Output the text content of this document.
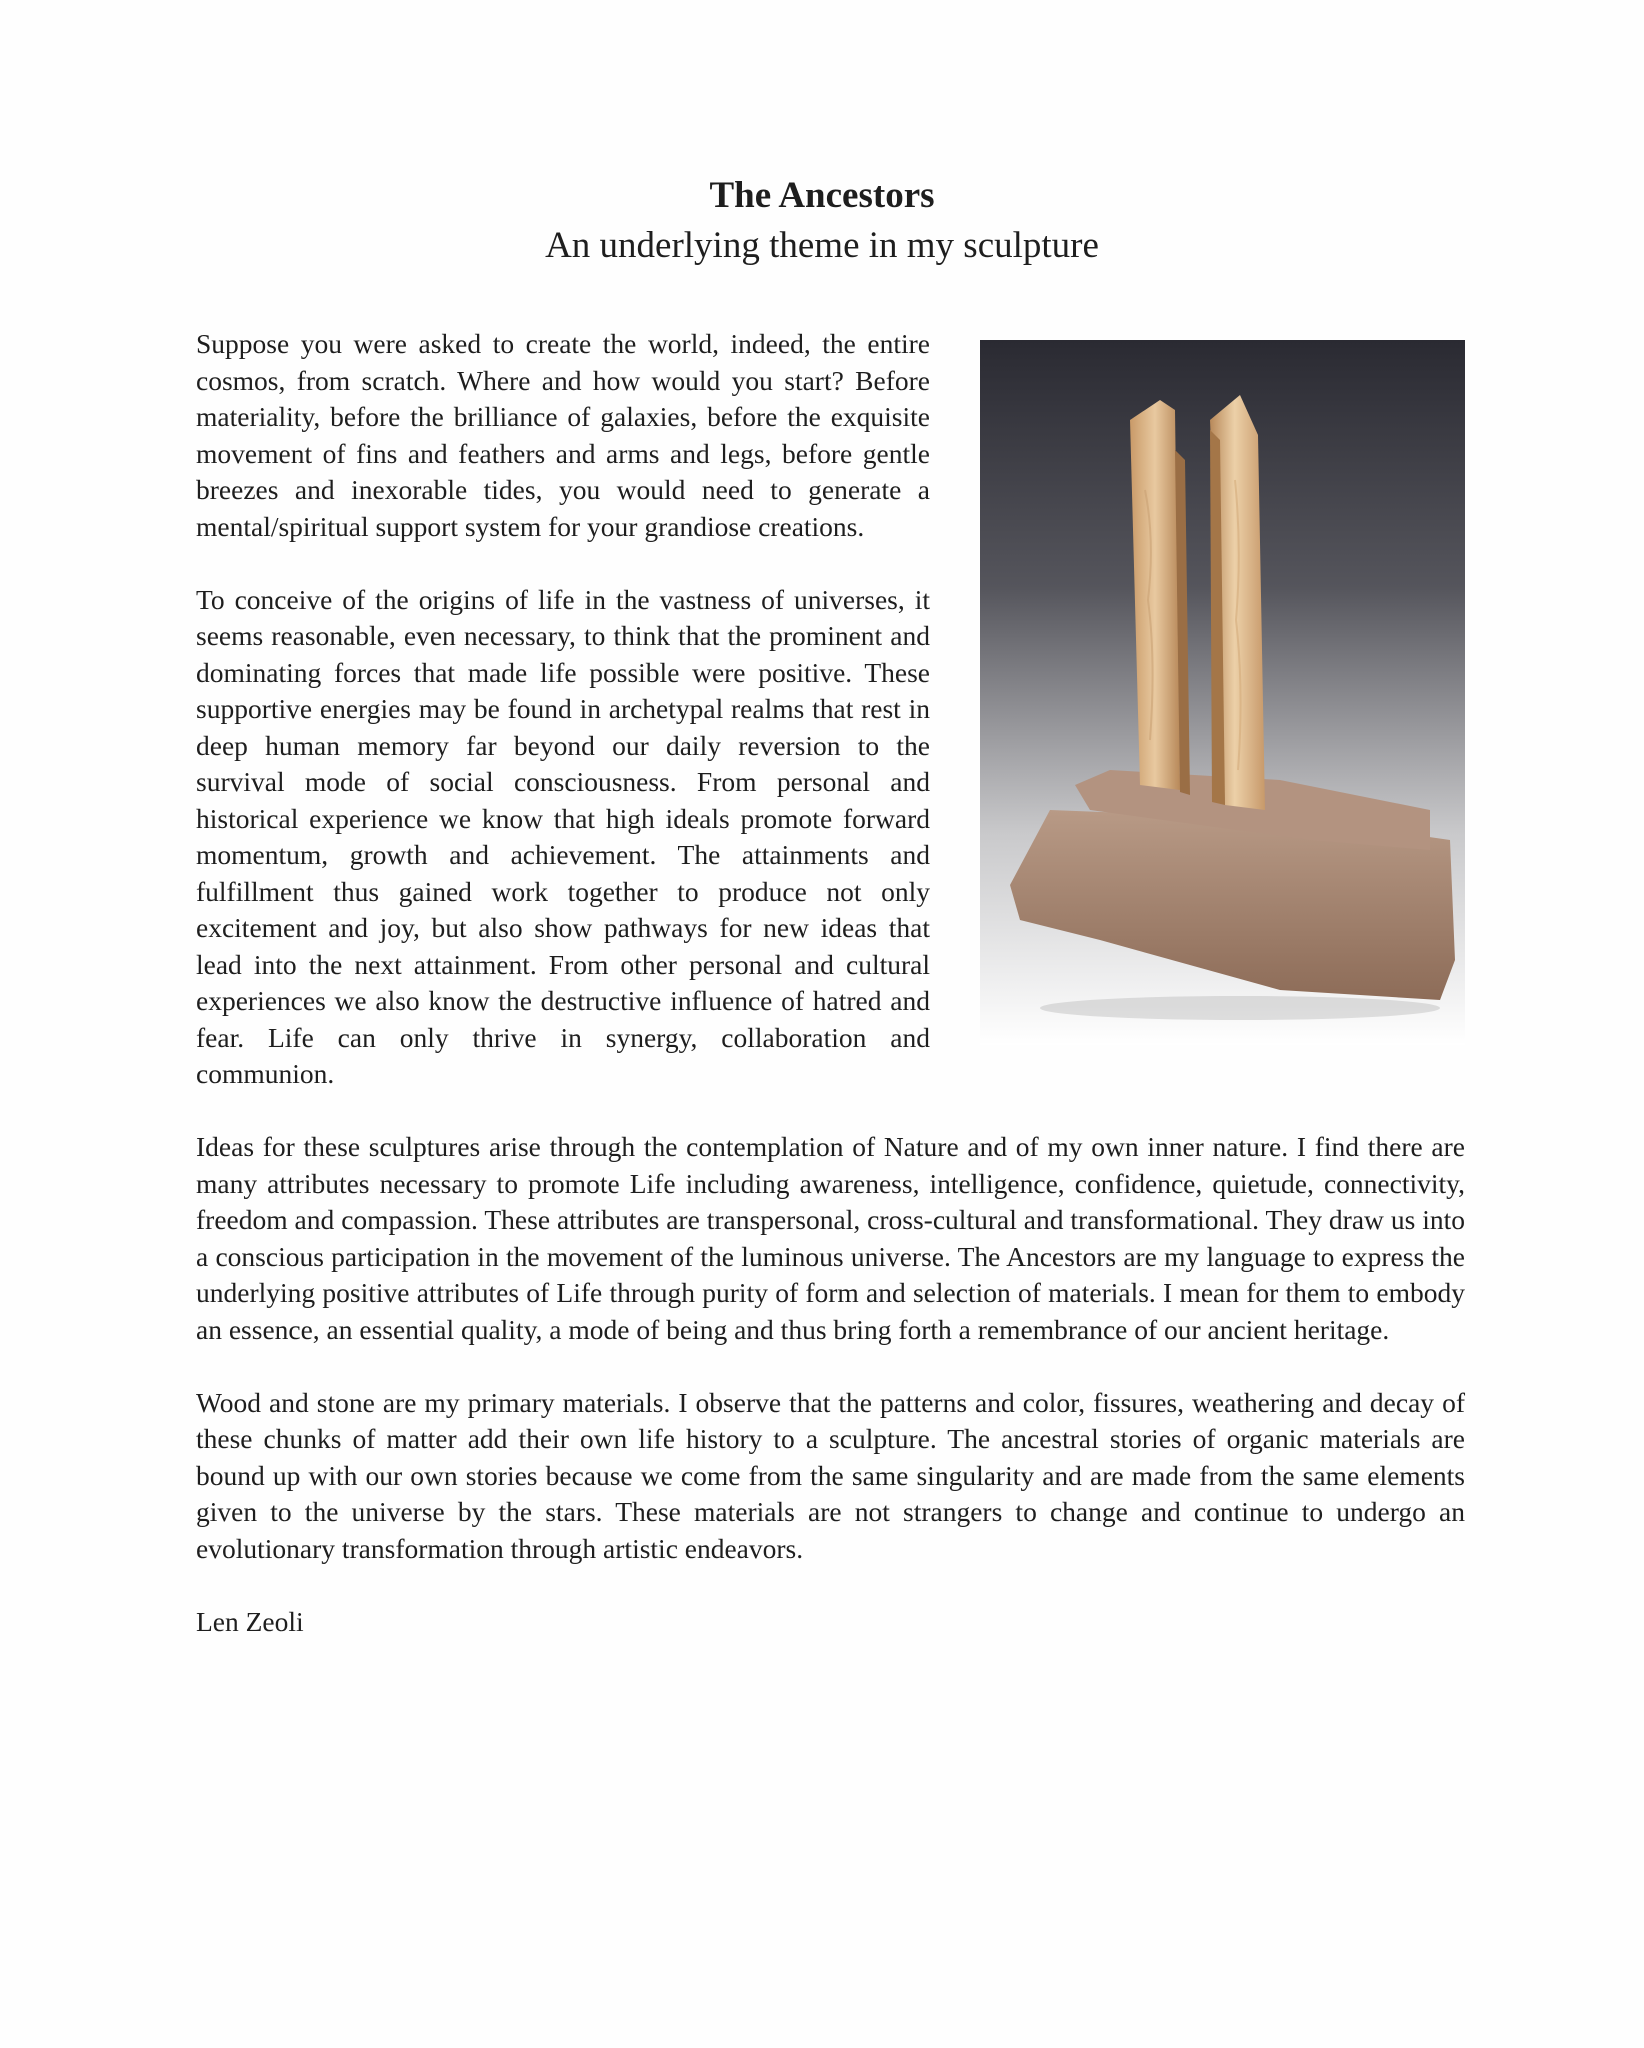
The Ancestors
An underlying theme in my sculpture

Suppose you were asked to create the world, indeed, the entire cosmos, from scratch. Where and how would you start? Before materiality, before the brilliance of galaxies, before the exquisite movement of fins and feathers and arms and legs, before gentle breezes and inexorable tides, you would need to generate a mental/spiritual support system for your grandiose creations.

To conceive of the origins of life in the vastness of universes, it seems reasonable, even necessary, to think that the prominent and dominating forces that made life possible were positive. These supportive energies may be found in archetypal realms that rest in deep human memory far beyond our daily reversion to the survival mode of social consciousness. From personal and historical experience we know that high ideals promote forward momentum, growth and achievement. The attainments and fulfillment thus gained work together to produce not only excitement and joy, but also show pathways for new ideas that lead into the next attainment. From other personal and cultural experiences we also know the destructive influence of hatred and fear. Life can only thrive in synergy, collaboration and communion.

Ideas for these sculptures arise through the contemplation of Nature and of my own inner nature. I find there are many attributes necessary to promote Life including awareness, intelligence, confidence, quietude, connectivity, freedom and compassion. These attributes are transpersonal, cross-cultural and transformational. They draw us into a conscious participation in the movement of the luminous universe. The Ancestors are my language to express the underlying positive attributes of Life through purity of form and selection of materials. I mean for them to embody an essence, an essential quality, a mode of being and thus bring forth a remembrance of our ancient heritage.

Wood and stone are my primary materials. I observe that the patterns and color, fissures, weathering and decay of these chunks of matter add their own life history to a sculpture. The ancestral stories of organic materials are bound up with our own stories because we come from the same singularity and are made from the same elements given to the universe by the stars. These materials are not strangers to change and continue to undergo an evolutionary transformation through artistic endeavors.

Len Zeoli
